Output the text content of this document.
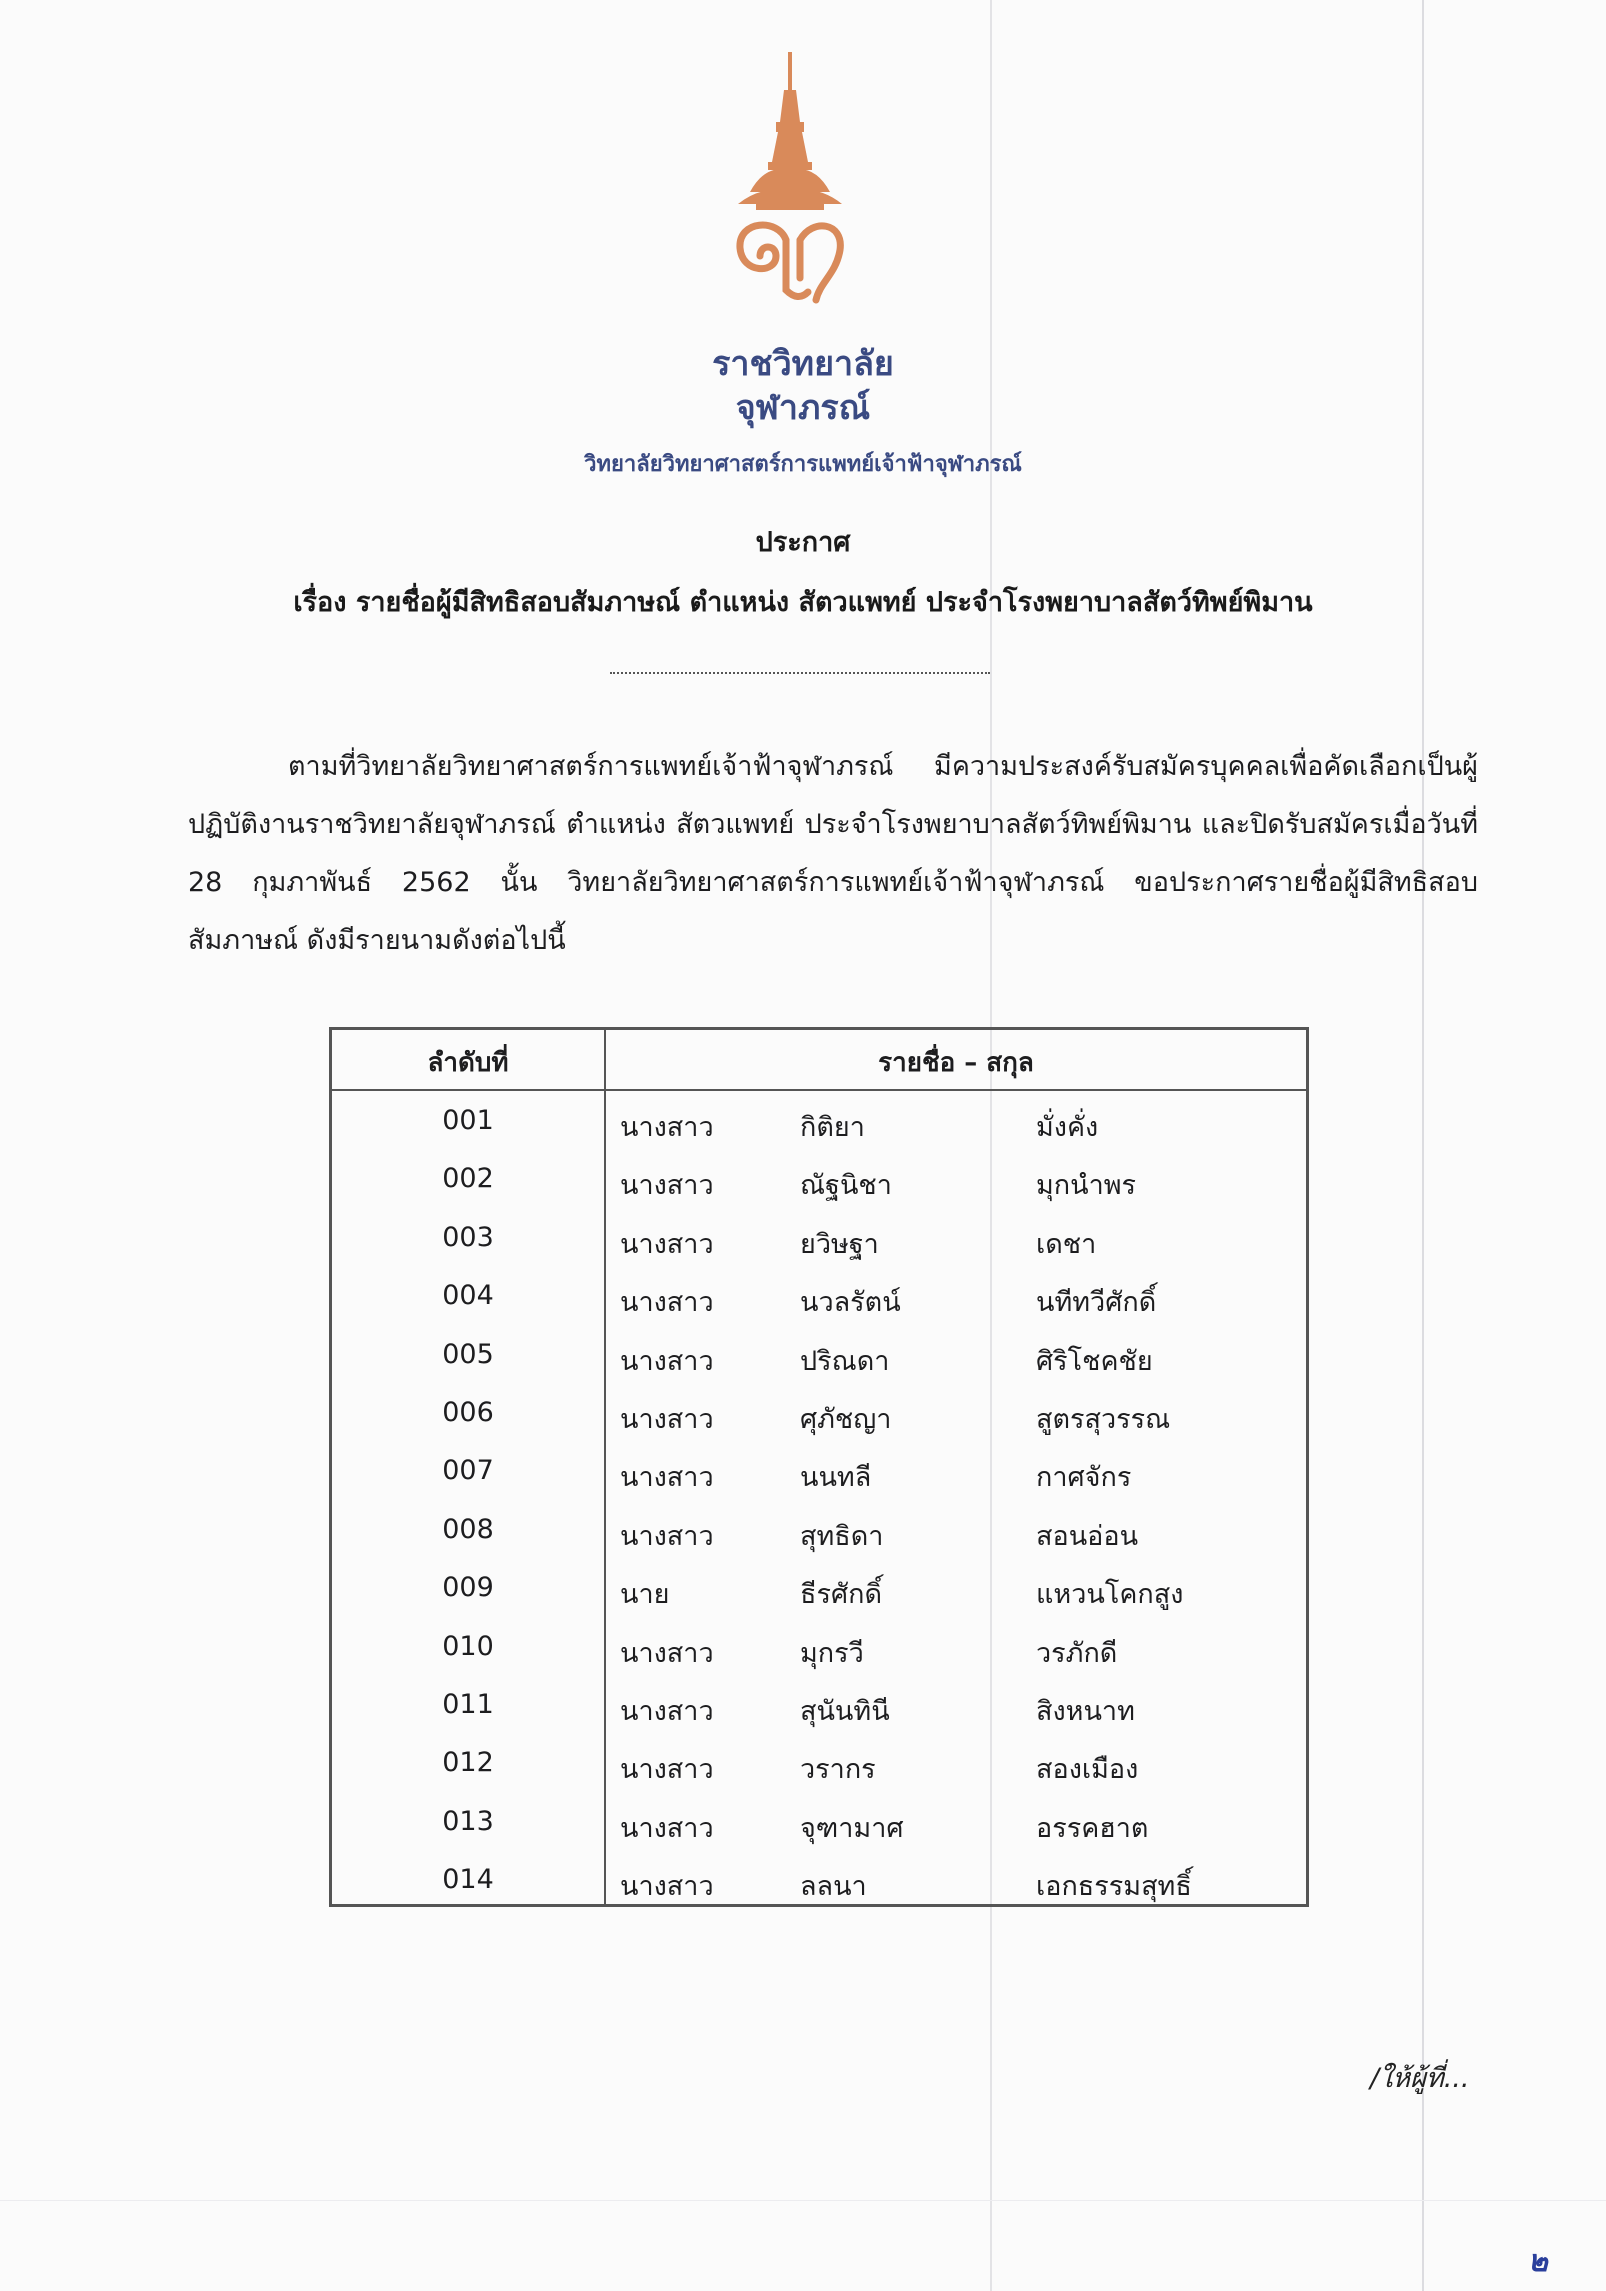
ราชวิทยาลัย
จุฬาภรณ์
วิทยาลัยวิทยาศาสตร์การแพทย์เจ้าฟ้าจุฬาภรณ์
ประกาศ
เรื่อง รายชื่อผู้มีสิทธิสอบสัมภาษณ์ ตำแหน่ง สัตวแพทย์ ประจำโรงพยาบาลสัตว์ทิพย์พิมาน

ตามที่วิทยาลัยวิทยาศาสตร์การแพทย์เจ้าฟ้าจุฬาภรณ์ มีความประสงค์รับสมัครบุคคลเพื่อคัดเลือกเป็นผู้ปฏิบัติงานราชวิทยาลัยจุฬาภรณ์ ตำแหน่ง สัตวแพทย์ ประจำโรงพยาบาลสัตว์ทิพย์พิมาน และปิดรับสมัครเมื่อวันที่ 28 กุมภาพันธ์ 2562 นั้น วิทยาลัยวิทยาศาสตร์การแพทย์เจ้าฟ้าจุฬาภรณ์ ขอประกาศรายชื่อผู้มีสิทธิสอบสัมภาษณ์ ดังมีรายนามดังต่อไปนี้

ลำดับที่	รายชื่อ – สกุล
001	นางสาว	กิติยา	มั่งคั่ง
002	นางสาว	ณัฐนิชา	มุกนำพร
003	นางสาว	ยวิษฐา	เดชา
004	นางสาว	นวลรัตน์	นทีทวีศักดิ์
005	นางสาว	ปริณดา	ศิริโชคชัย
006	นางสาว	ศุภัชญา	สูตรสุวรรณ
007	นางสาว	นนทลี	กาศจักร
008	นางสาว	สุทธิดา	สอนอ่อน
009	นาย	ธีรศักดิ์	แหวนโคกสูง
010	นางสาว	มุกรวี	วรภักดี
011	นางสาว	สุนันทินี	สิงหนาท
012	นางสาว	วรากร	สองเมือง
013	นางสาว	จุฑามาศ	อรรคฮาต
014	นางสาว	ลลนา	เอกธรรมสุทธิ์
/ให้ผู้ที่...
๒
